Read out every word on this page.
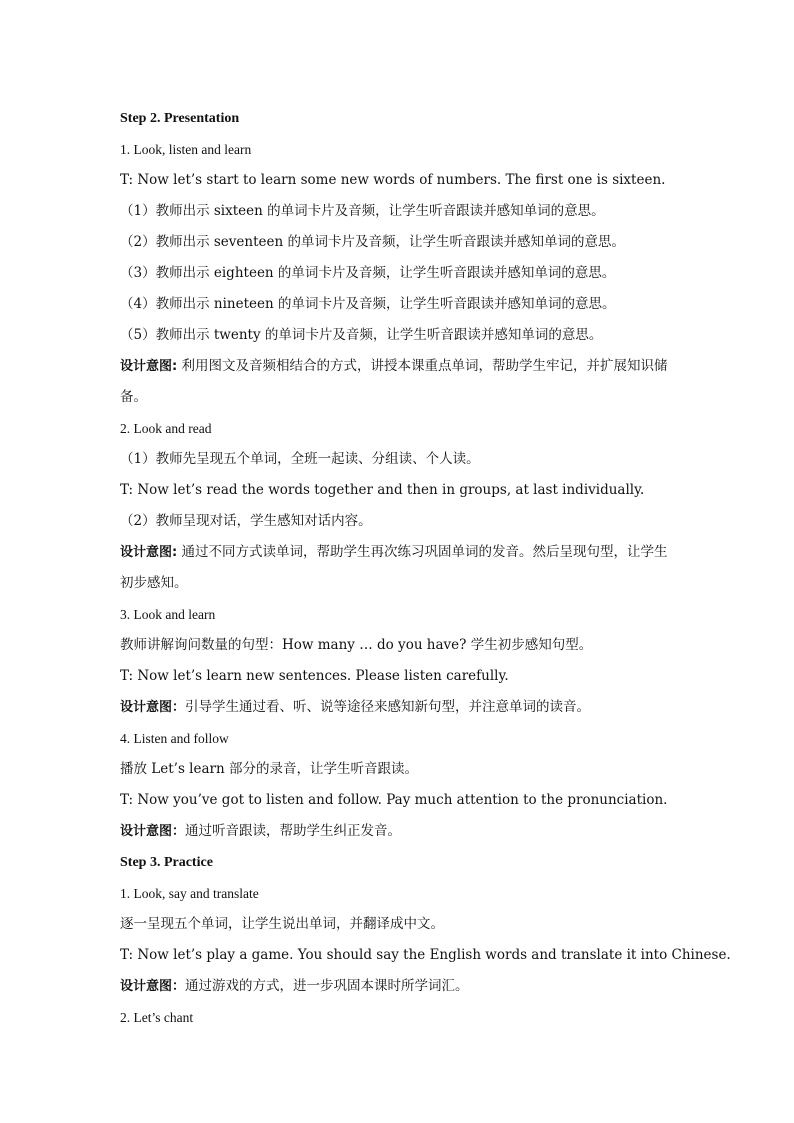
Step 2. Presentation

1. Look, listen and learn

T: Now let’s start to learn some new words of numbers. The first one is sixteen.

（1）教师出示 sixteen 的单词卡片及音频，让学生听音跟读并感知单词的意思。

（2）教师出示 seventeen 的单词卡片及音频，让学生听音跟读并感知单词的意思。

（3）教师出示 eighteen 的单词卡片及音频，让学生听音跟读并感知单词的意思。

（4）教师出示 nineteen 的单词卡片及音频，让学生听音跟读并感知单词的意思。

（5）教师出示 twenty 的单词卡片及音频，让学生听音跟读并感知单词的意思。

设计意图: 利用图文及音频相结合的方式，讲授本课重点单词，帮助学生牢记，并扩展知识储备。

2. Look and read

（1）教师先呈现五个单词，全班一起读、分组读、个人读。

T: Now let’s read the words together and then in groups, at last individually.

（2）教师呈现对话，学生感知对话内容。

设计意图: 通过不同方式读单词，帮助学生再次练习巩固单词的发音。然后呈现句型，让学生初步感知。

3. Look and learn

教师讲解询问数量的句型：How many … do you have? 学生初步感知句型。

T: Now let’s learn new sentences. Please listen carefully.

设计意图：引导学生通过看、听、说等途径来感知新句型，并注意单词的读音。

4. Listen and follow

播放 Let’s learn 部分的录音，让学生听音跟读。

T: Now you’ve got to listen and follow. Pay much attention to the pronunciation.

设计意图：通过听音跟读，帮助学生纠正发音。

Step 3. Practice

1. Look, say and translate

逐一呈现五个单词，让学生说出单词，并翻译成中文。

T: Now let’s play a game. You should say the English words and translate it into Chinese.

设计意图：通过游戏的方式，进一步巩固本课时所学词汇。

2. Let’s chant
